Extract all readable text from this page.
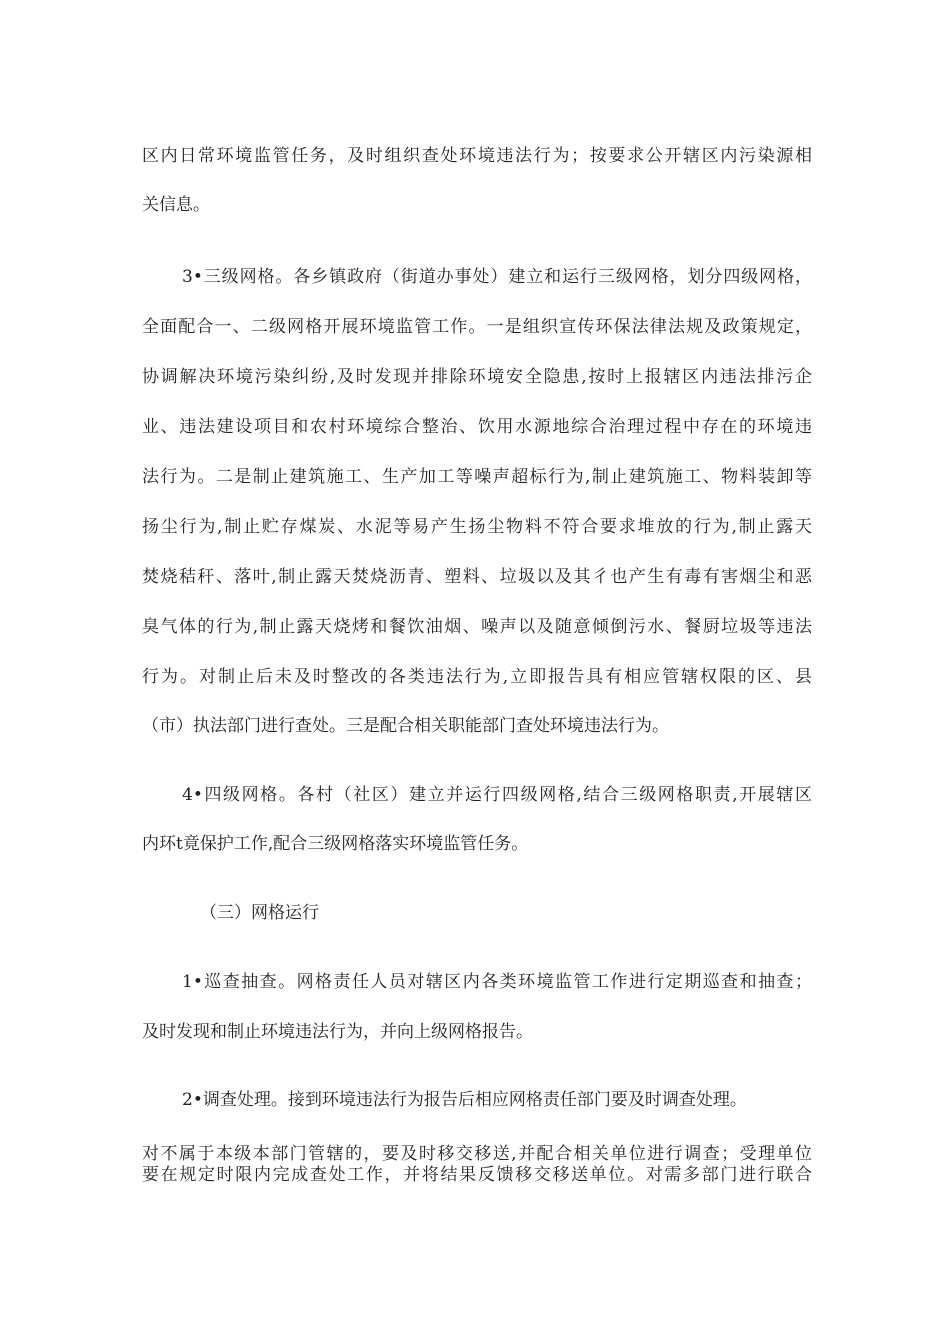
区内日常环境监管任务，及时组织查处环境违法行为；按要求公开辖区内污染源相
关信息。
3•三级网格。各乡镇政府（街道办事处）建立和运行三级网格，划分四级网格，
全面配合一、二级网格开展环境监管工作。一是组织宣传环保法律法规及政策规定，
协调解决环境污染纠纷,及时发现并排除环境安全隐患,按时上报辖区内违法排污企
业、违法建设项目和农村环境综合整治、饮用水源地综合治理过程中存在的环境违
法行为。二是制止建筑施工、生产加工等噪声超标行为,制止建筑施工、物料装卸等
扬尘行为,制止贮存煤炭、水泥等易产生扬尘物料不符合要求堆放的行为,制止露天
焚烧秸秆、落叶,制止露天焚烧沥青、塑料、垃圾以及其彳也产生有毒有害烟尘和恶
臭气体的行为,制止露天烧烤和餐饮油烟、噪声以及随意倾倒污水、餐厨垃圾等违法
行为。对制止后未及时整改的各类违法行为,立即报告具有相应管辖权限的区、县
（市）执法部门进行查处。三是配合相关职能部门查处环境违法行为。
4•四级网格。各村（社区）建立并运行四级网格,结合三级网格职责,开展辖区
内环t竟保护工作,配合三级网格落实环境监管任务。
（三）网格运行
1•巡查抽查。网格责任人员对辖区内各类环境监管工作进行定期巡查和抽查；
及时发现和制止环境违法行为，并向上级网格报告。
2•调查处理。接到环境违法行为报告后相应网格责任部门要及时调查处理。
对不属于本级本部门管辖的，要及时移交移送,并配合相关单位进行调查；受理单位
要在规定时限内完成查处工作，并将结果反馈移交移送单位。对需多部门进行联合
